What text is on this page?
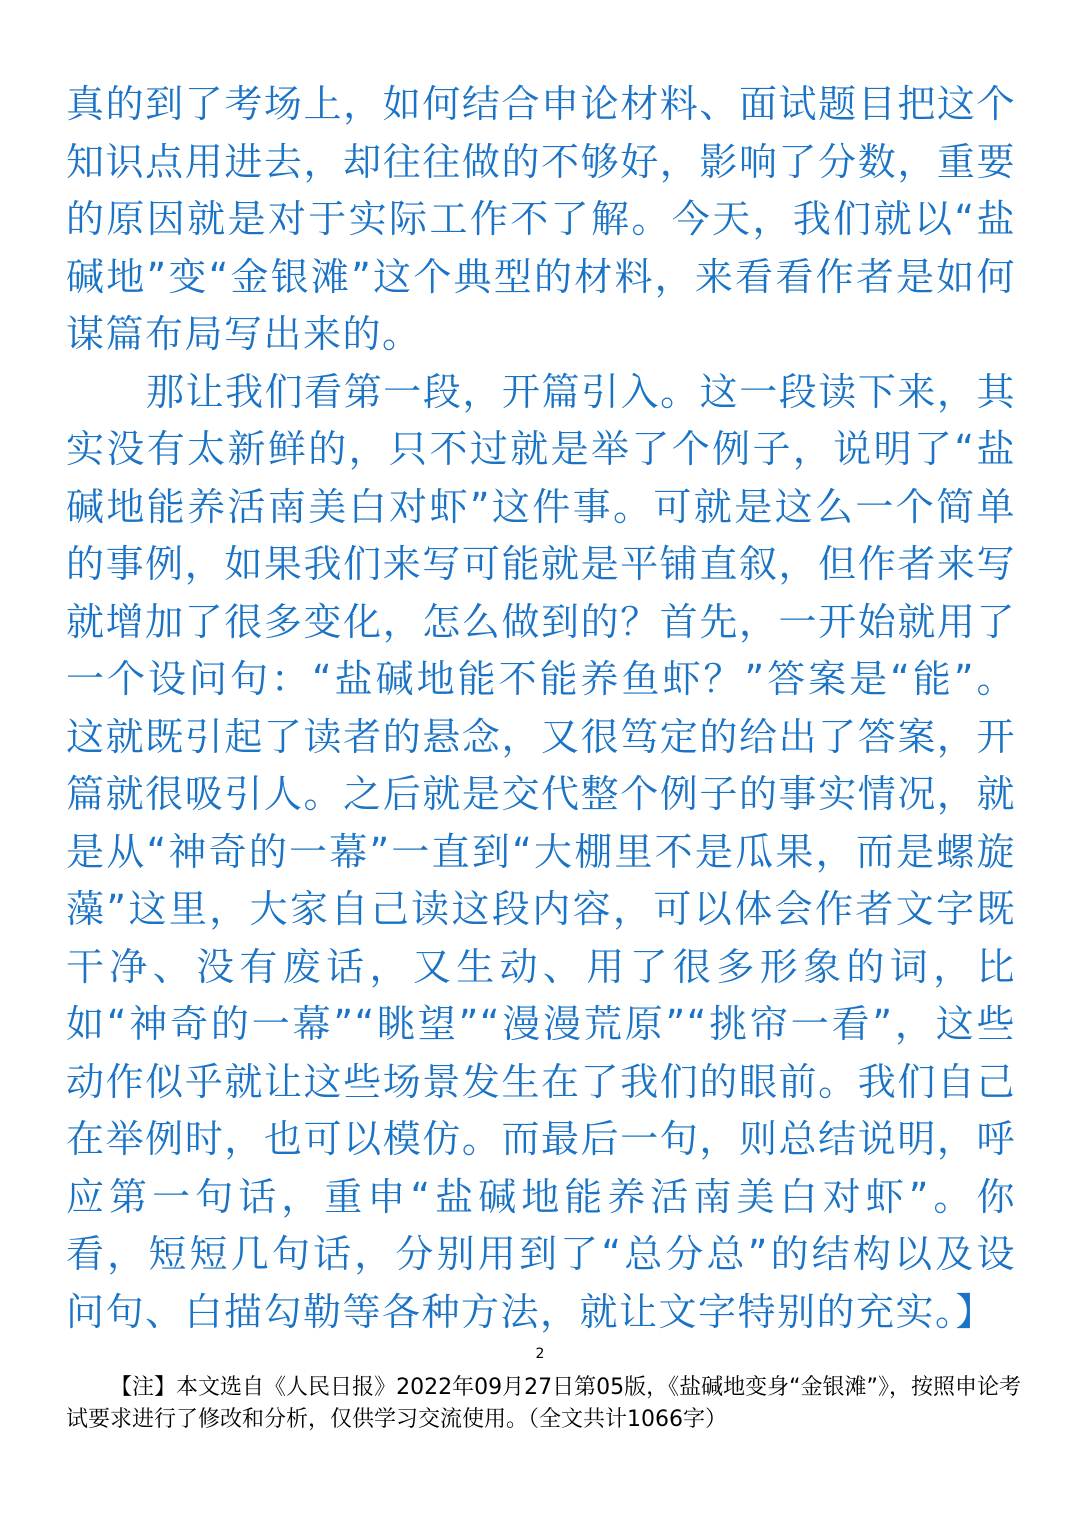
真的到了考场上，如何结合申论材料、面试题目把这个知识点用进去，却往往做的不够好，影响了分数，重要的原因就是对于实际工作不了解。今天，我们就以“盐碱地”变“金银滩”这个典型的材料，来看看作者是如何谋篇布局写出来的。

那让我们看第一段，开篇引入。这一段读下来，其实没有太新鲜的，只不过就是举了个例子，说明了“盐碱地能养活南美白对虾”这件事。可就是这么一个简单的事例，如果我们来写可能就是平铺直叙，但作者来写就增加了很多变化，怎么做到的？首先，一开始就用了一个设问句：“盐碱地能不能养鱼虾？”答案是“能”。这就既引起了读者的悬念，又很笃定的给出了答案，开篇就很吸引人。之后就是交代整个例子的事实情况，就是从“神奇的一幕”一直到“大棚里不是瓜果，而是螺旋藻”这里，大家自己读这段内容，可以体会作者文字既干净、没有废话，又生动、用了很多形象的词，比如“神奇的一幕”“眺望”“漫漫荒原”“挑帘一看”，这些动作似乎就让这些场景发生在了我们的眼前。我们自己在举例时，也可以模仿。而最后一句，则总结说明，呼应第一句话，重申“盐碱地能养活南美白对虾”。你看，短短几句话，分别用到了“总分总”的结构以及设问句、白描勾勒等各种方法，就让文字特别的充实。】

2

【注】本文选自《人民日报》2022年09月27日第05版，《盐碱地变身“金银滩”》，按照申论考试要求进行了修改和分析，仅供学习交流使用。（全文共计1066字）
